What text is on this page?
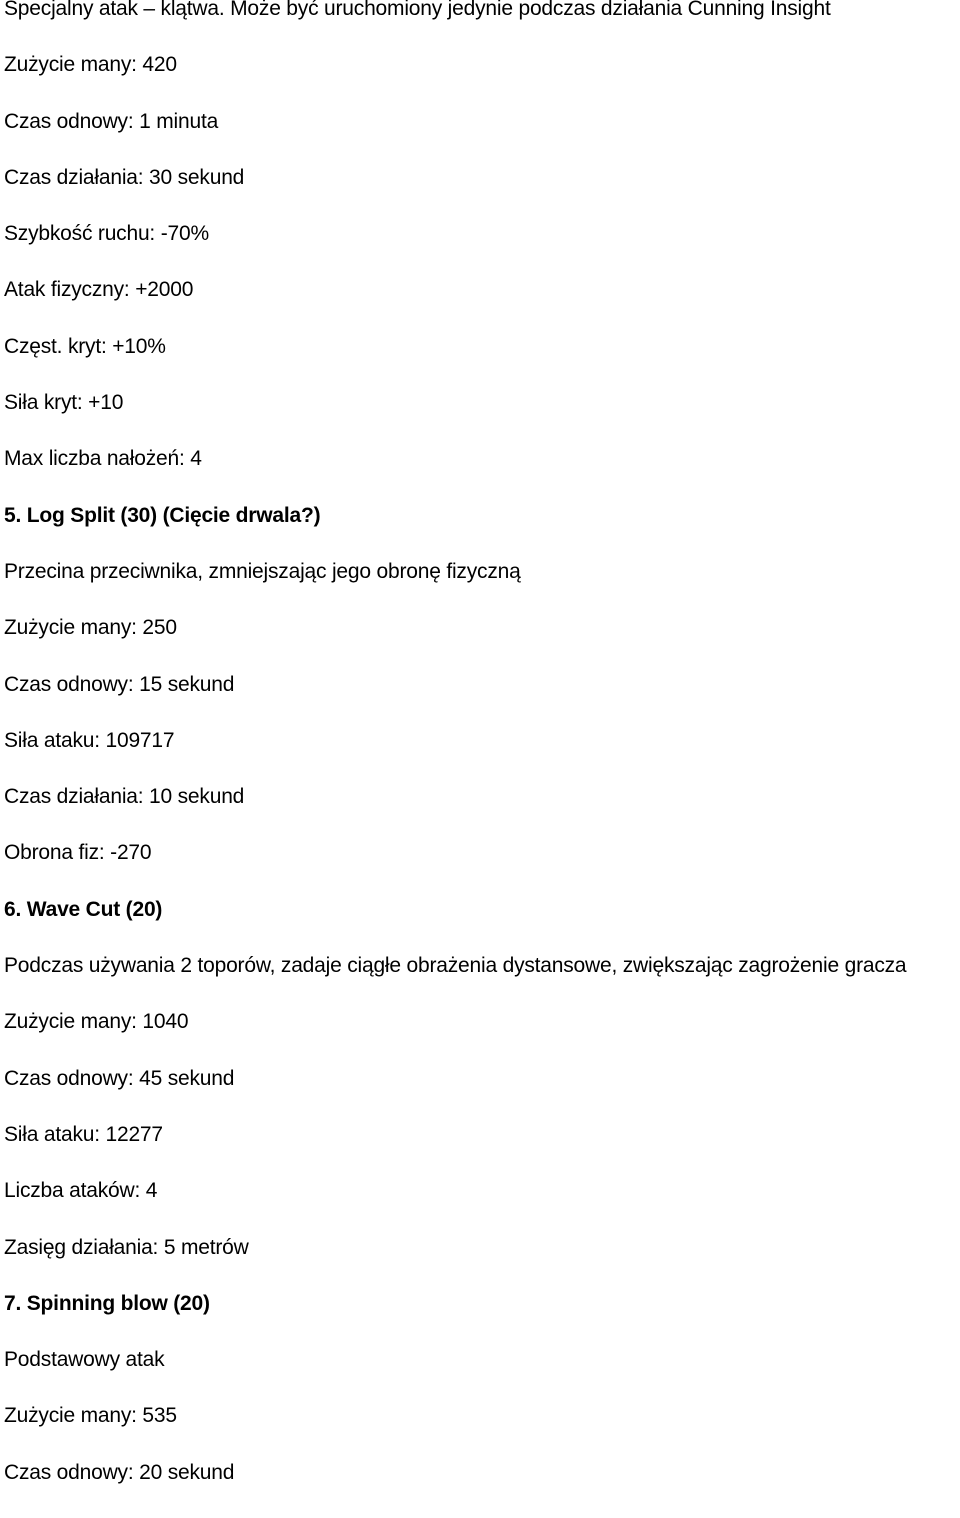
Specjalny atak – klątwa. Może być uruchomiony jedynie podczas działania Cunning Insight
Zużycie many: 420
Czas odnowy: 1 minuta
Czas działania: 30 sekund
Szybkość ruchu: -70%
Atak fizyczny: +2000
Częst. kryt: +10%
Siła kryt: +10
Max liczba nałożeń: 4
5. Log Split (30) (Cięcie drwala?)
Przecina przeciwnika, zmniejszając jego obronę fizyczną
Zużycie many: 250
Czas odnowy: 15 sekund
Siła ataku: 109717
Czas działania: 10 sekund
Obrona fiz: -270
6. Wave Cut (20)
Podczas używania 2 toporów, zadaje ciągłe obrażenia dystansowe, zwiększając zagrożenie gracza
Zużycie many: 1040
Czas odnowy: 45 sekund
Siła ataku: 12277
Liczba ataków: 4
Zasięg działania: 5 metrów
7. Spinning blow (20)
Podstawowy atak
Zużycie many: 535
Czas odnowy: 20 sekund
